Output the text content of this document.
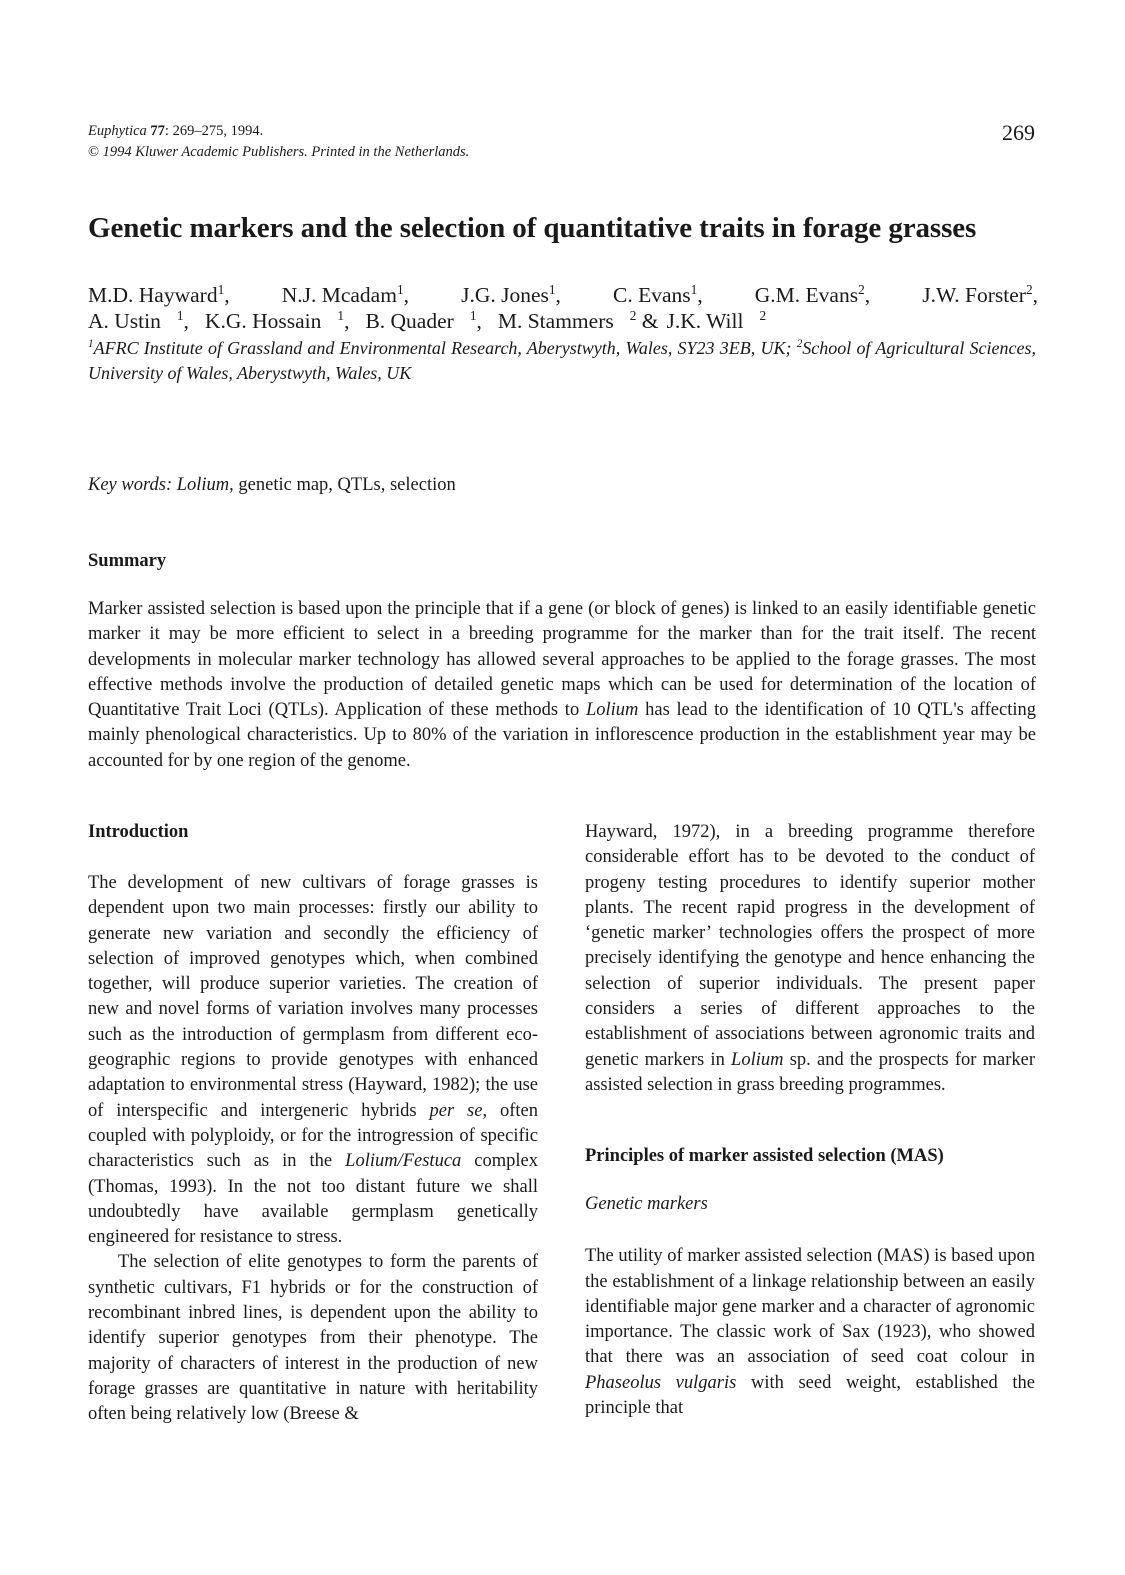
Euphytica 77: 269–275, 1994.
© 1994 Kluwer Academic Publishers. Printed in the Netherlands.
269
Genetic markers and the selection of quantitative traits in forage grasses
M.D. Hayward$^1$, N.J. Mcadam$^1$, J.G. Jones$^1$, C. Evans$^1$, G.M. Evans$^2$, J.W. Forster$^2$,
A. Ustin $^1$, K.G. Hossain $^1$, B. Quader $^1$, M. Stammers $^2$ & J.K. Will $^2$
$^1$AFRC Institute of Grassland and Environmental Research, Aberystwyth, Wales, SY23 3EB, UK; $^2$School of Agricultural Sciences, University of Wales, Aberystwyth, Wales, UK
Key words: Lolium, genetic map, QTLs, selection
Summary

Marker assisted selection is based upon the principle that if a gene (or block of genes) is linked to an easily identifiable genetic marker it may be more efficient to select in a breeding programme for the marker than for the trait itself. The recent developments in molecular marker technology has allowed several approaches to be applied to the forage grasses. The most effective methods involve the production of detailed genetic maps which can be used for determination of the location of Quantitative Trait Loci (QTLs). Application of these methods to Lolium has lead to the identification of 10 QTL's affecting mainly phenological characteristics. Up to 80% of the variation in inflorescence production in the establishment year may be accounted for by one region of the genome.

Introduction

The development of new cultivars of forage grasses is dependent upon two main processes: firstly our ability to generate new variation and secondly the efficiency of selection of improved genotypes which, when combined together, will produce superior varieties. The creation of new and novel forms of variation involves many processes such as the introduction of germplasm from different eco-geographic regions to provide genotypes with enhanced adaptation to environmental stress (Hayward, 1982); the use of interspecific and intergeneric hybrids per se, often coupled with polyploidy, or for the introgression of specific characteristics such as in the Lolium/Festuca complex (Thomas, 1993). In the not too distant future we shall undoubtedly have available germplasm genetically engineered for resistance to stress.

The selection of elite genotypes to form the parents of synthetic cultivars, F1 hybrids or for the construction of recombinant inbred lines, is dependent upon the ability to identify superior genotypes from their phenotype. The majority of characters of interest in the production of new forage grasses are quantitative in nature with heritability often being relatively low (Breese &

Hayward, 1972), in a breeding programme therefore considerable effort has to be devoted to the conduct of progeny testing procedures to identify superior mother plants. The recent rapid progress in the development of ‘genetic marker’ technologies offers the prospect of more precisely identifying the genotype and hence enhancing the selection of superior individuals. The present paper considers a series of different approaches to the establishment of associations between agronomic traits and genetic markers in Lolium sp. and the prospects for marker assisted selection in grass breeding programmes.

Principles of marker assisted selection (MAS)
Genetic markers

The utility of marker assisted selection (MAS) is based upon the establishment of a linkage relationship between an easily identifiable major gene marker and a character of agronomic importance. The classic work of Sax (1923), who showed that there was an association of seed coat colour in Phaseolus vulgaris with seed weight, established the principle that
